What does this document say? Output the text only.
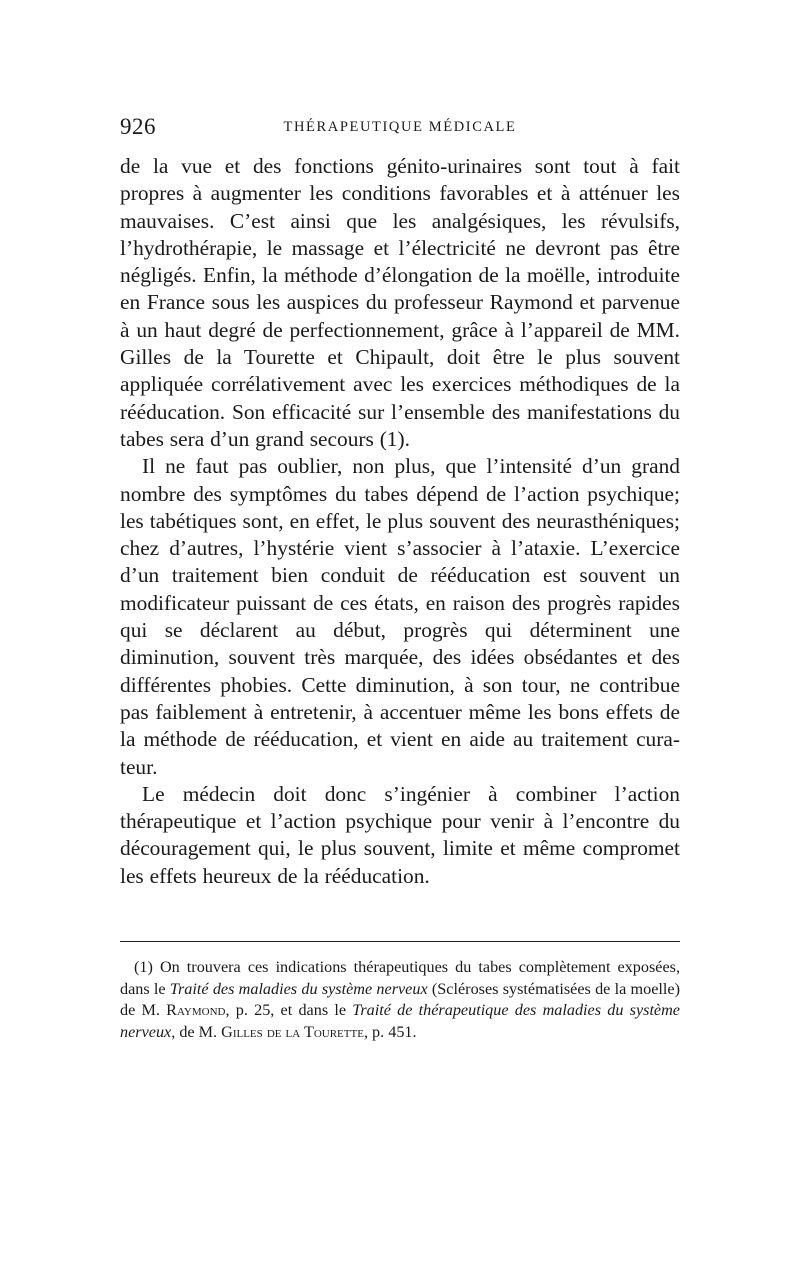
926	THÉRAPEUTIQUE MÉDICALE

de la vue et des fonctions génito-urinaires sont tout à fait propres à augmenter les conditions favorables et à atténuer les mauvaises. C’est ainsi que les analgésiques, les révulsifs, l’hydrothérapie, le massage et l’électricité ne devront pas être négligés. Enfin, la méthode d’élongation de la moëlle, introduite en France sous les auspices du professeur Raymond et parvenue à un haut degré de perfectionnement, grâce à l’appareil de MM. Gilles de la Tourette et Chipault, doit être le plus souvent appliquée corrélativement avec les exercices méthodiques de la rééducation. Son efficacité sur l’ensemble des manifestations du tabes sera d’un grand secours (1).

Il ne faut pas oublier, non plus, que l’intensité d’un grand nombre des symptômes du tabes dépend de l’action psychique; les tabétiques sont, en effet, le plus souvent des neurasthéniques; chez d’autres, l’hystérie vient s’associer à l’ataxie. L’exercice d’un traitement bien conduit de rééducation est souvent un modificateur puissant de ces états, en raison des progrès rapides qui se déclarent au début, progrès qui déterminent une diminution, souvent très marquée, des idées obsédantes et des différentes phobies. Cette diminution, à son tour, ne contribue pas faiblement à entretenir, à accentuer même les bons effets de la méthode de rééducation, et vient en aide au traitement curateur.

Le médecin doit donc s’ingénier à combiner l’action thérapeutique et l’action psychique pour venir à l’encontre du découragement qui, le plus souvent, limite et même compromet les effets heureux de la rééducation.

(1) On trouvera ces indications thérapeutiques du tabes complètement exposées, dans le Traité des maladies du système nerveux (Scléroses systématisées de la moelle) de M. Raymond, p. 25, et dans le Traité de thérapeutique des maladies du système nerveux, de M. Gilles de la Tourette, p. 451.
